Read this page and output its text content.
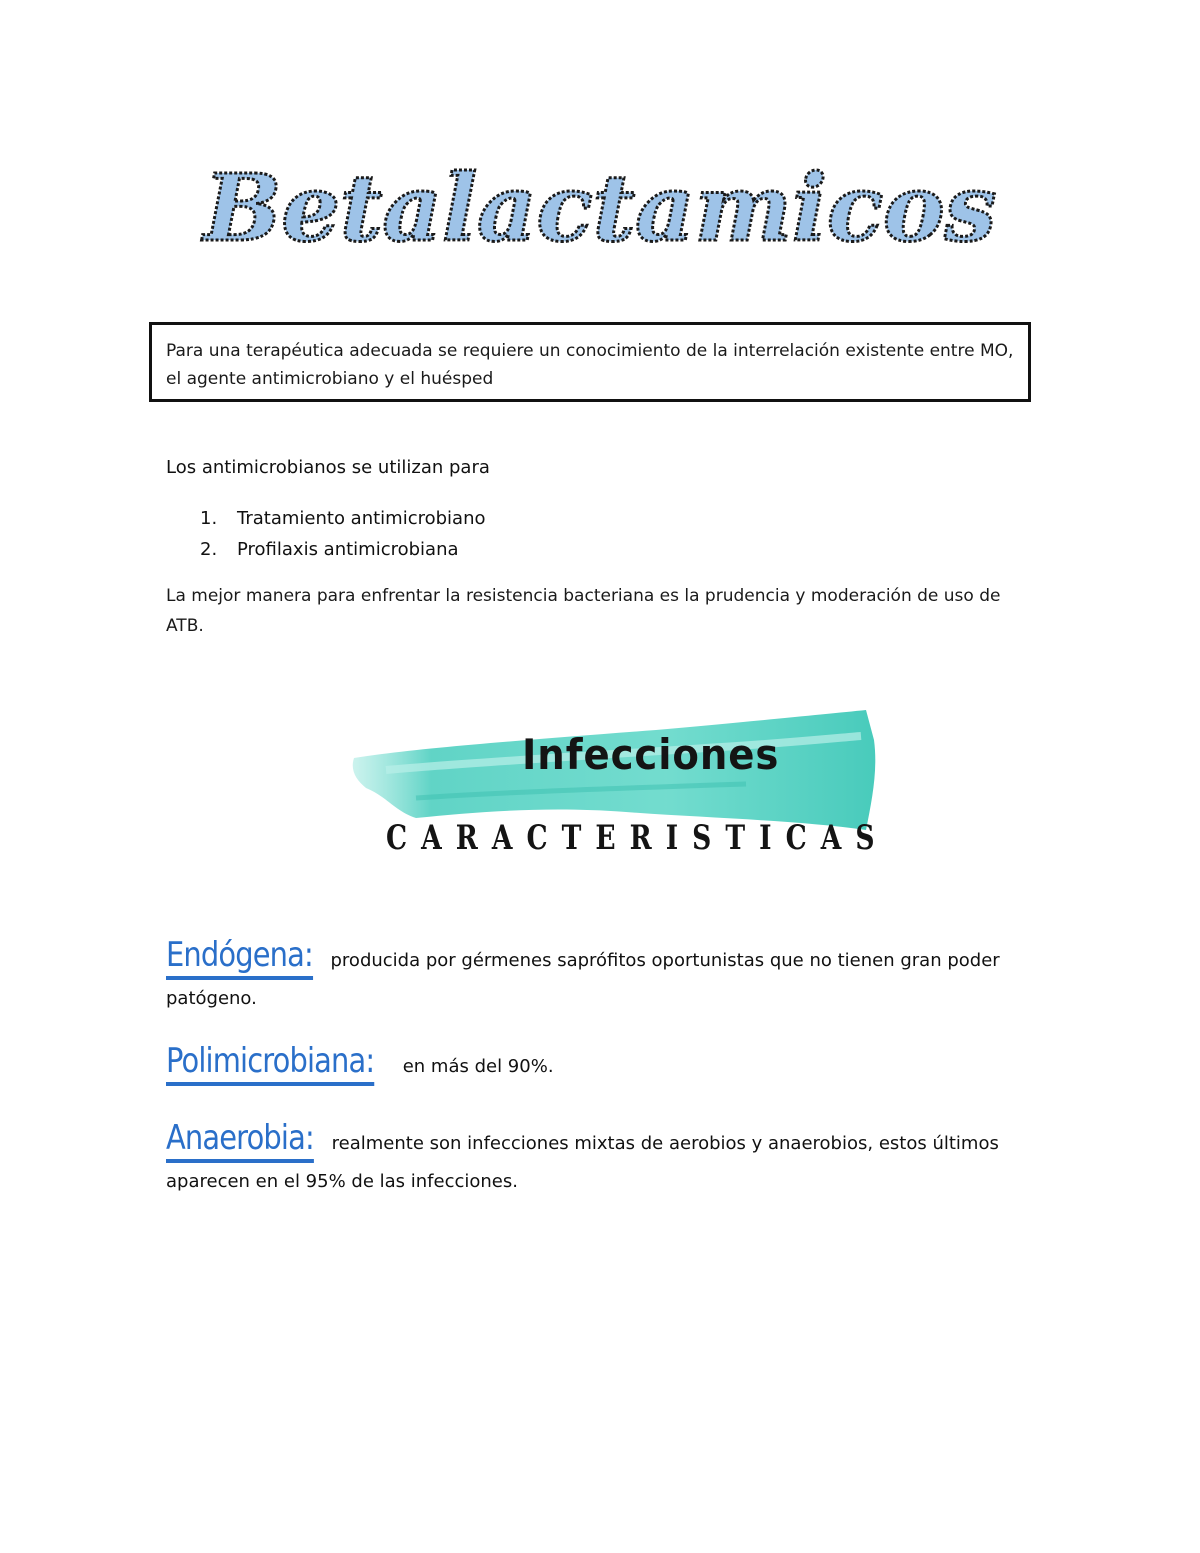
Betalactamicos
Para una terapéutica adecuada se requiere un conocimiento de la interrelación existente entre MO, el agente antimicrobiano y el huésped
Los antimicrobianos se utilizan para
1. Tratamiento antimicrobiano
2. Profilaxis antimicrobiana
La mejor manera para enfrentar la resistencia bacteriana es la prudencia y moderación de uso de ATB.
Infecciones
CARACTERISTICAS
Endógena: producida por gérmenes saprófitos oportunistas que no tienen gran poder patógeno.
Polimicrobiana: en más del 90%.
Anaerobia: realmente son infecciones mixtas de aerobios y anaerobios, estos últimos aparecen en el 95% de las infecciones.
